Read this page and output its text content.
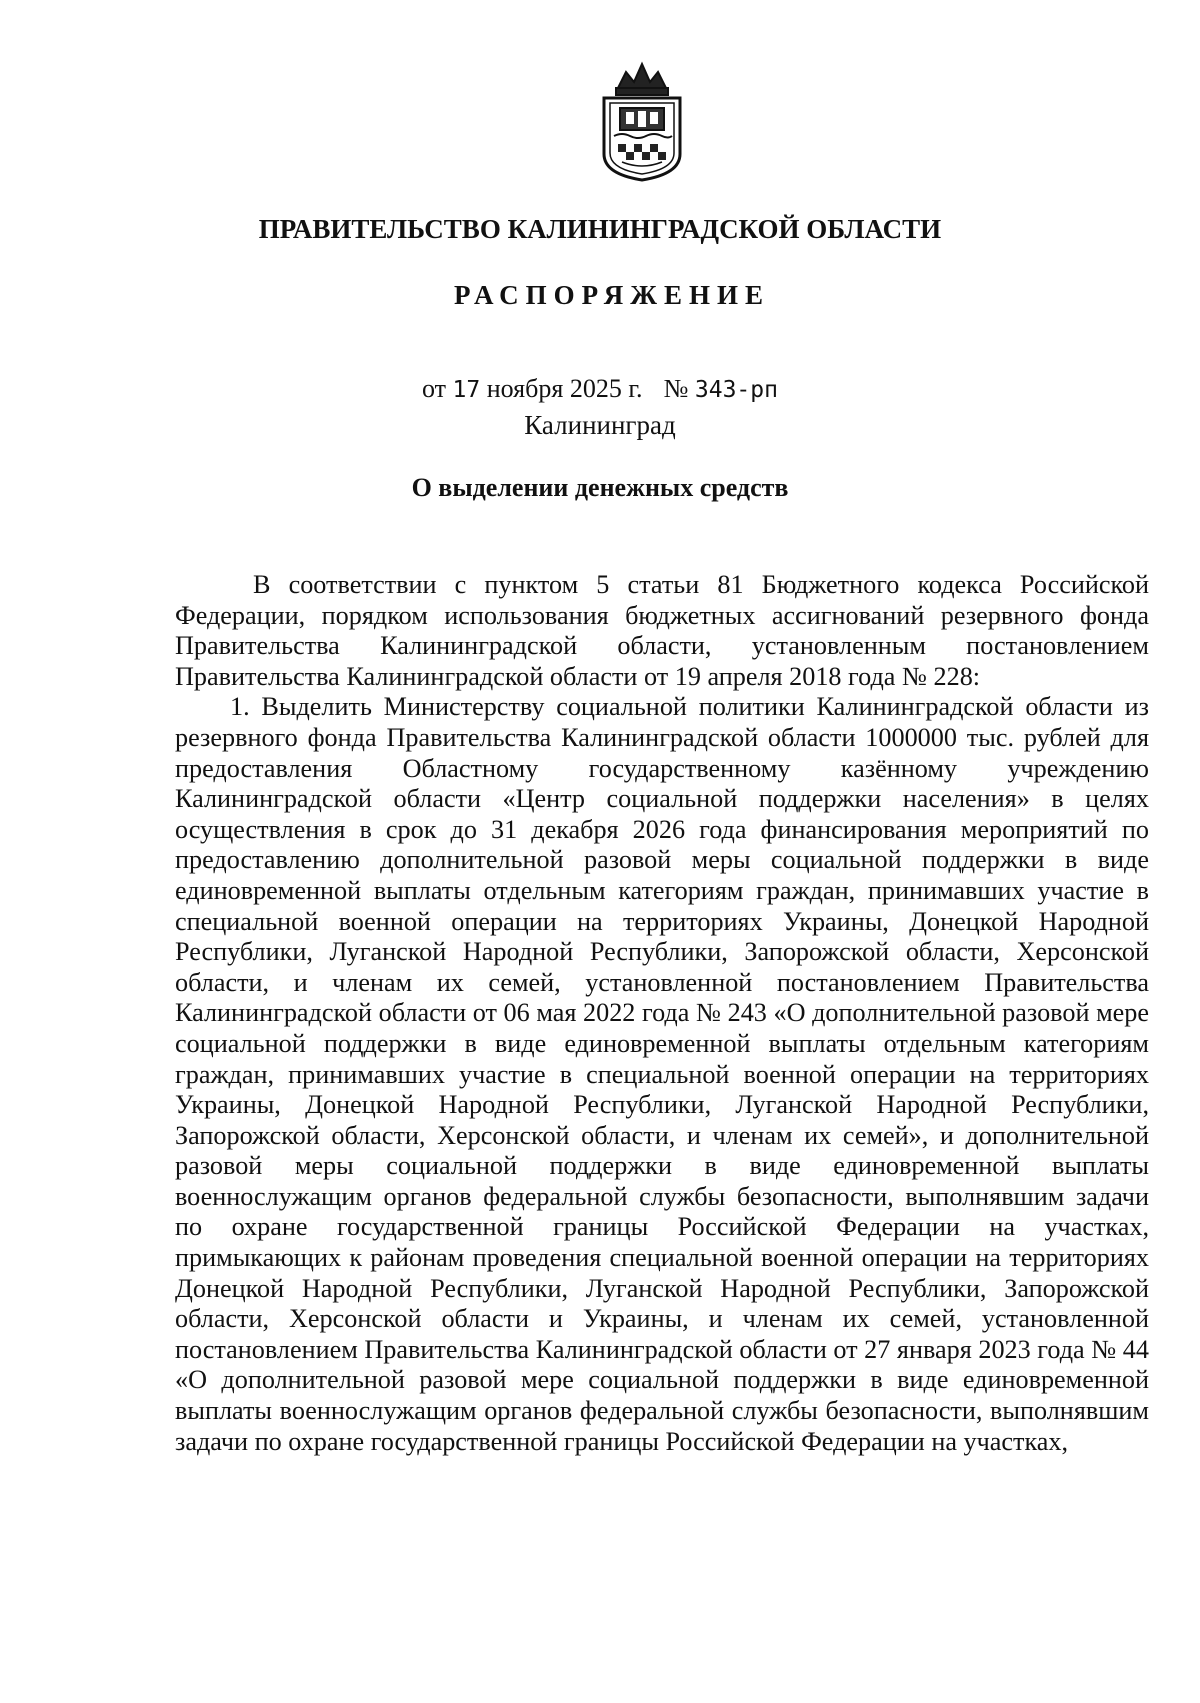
ПРАВИТЕЛЬСТВО КАЛИНИНГРАДСКОЙ ОБЛАСТИ
РАСПОРЯЖЕНИЕ
от 17 ноября 2025 г. № 343-рп
Калининград
О выделении денежных средств

В соответствии с пунктом 5 статьи 81 Бюджетного кодекса Российской Федерации, порядком использования бюджетных ассигнований резервного фонда Правительства Калининградской области, установленным постановлением Правительства Калининградской области от 19 апреля 2018 года № 228:

1. Выделить Министерству социальной политики Калининградской области из резервного фонда Правительства Калининградской области 1000000 тыс. рублей для предоставления Областному государственному казённому учреждению Калининградской области «Центр социальной поддержки населения» в целях осуществления в срок до 31 декабря 2026 года финансирования мероприятий по предоставлению дополнительной разовой меры социальной поддержки в виде единовременной выплаты отдельным категориям граждан, принимавших участие в специальной военной операции на территориях Украины, Донецкой Народной Республики, Луганской Народной Республики, Запорожской области, Херсонской области, и членам их семей, установленной постановлением Правительства Калининградской области от 06 мая 2022 года № 243 «О дополнительной разовой мере социальной поддержки в виде единовременной выплаты отдельным категориям граждан, принимавших участие в специальной военной операции на территориях Украины, Донецкой Народной Республики, Луганской Народной Республики, Запорожской области, Херсонской области, и членам их семей», и дополнительной разовой меры социальной поддержки в виде единовременной выплаты военнослужащим органов федеральной службы безопасности, выполнявшим задачи по охране государственной границы Российской Федерации на участках, примыкающих к районам проведения специальной военной операции на территориях Донецкой Народной Республики, Луганской Народной Республики, Запорожской области, Херсонской области и Украины, и членам их семей, установленной постановлением Правительства Калининградской области от 27 января 2023 года № 44 «О дополнительной разовой мере социальной поддержки в виде единовременной выплаты военнослужащим органов федеральной службы безопасности, выполнявшим задачи по охране государственной границы Российской Федерации на участках,
